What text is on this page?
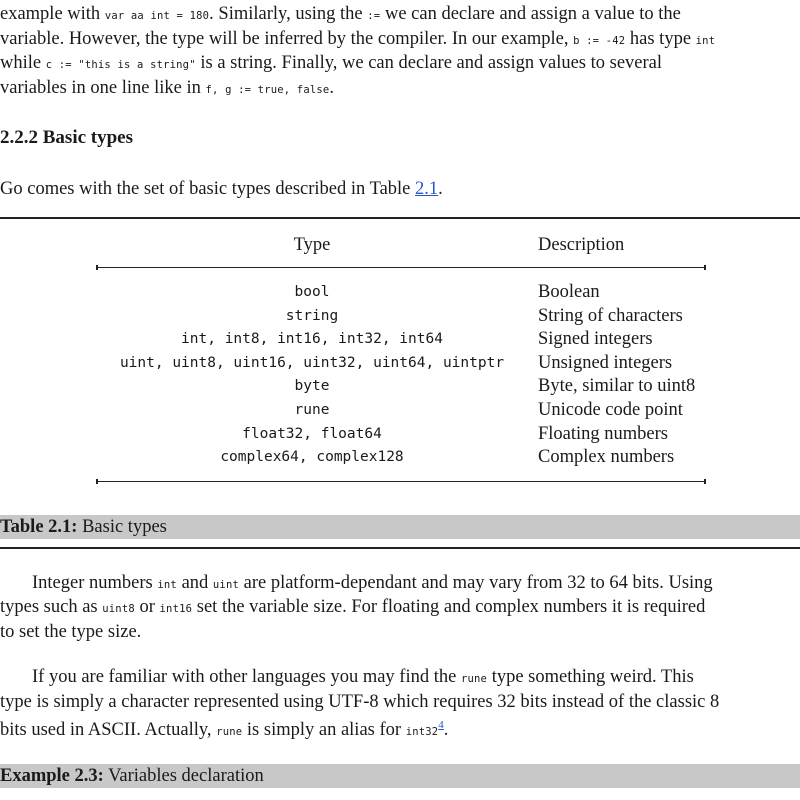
example with var aa int = 180. Similarly, using the := we can declare and assign a value to the
variable. However, the type will be inferred by the compiler. In our example, b := -42 has type int
while c := "this is a string" is a string. Finally, we can declare and assign values to several
variables in one line like in f, g := true, false.
2.2.2 Basic types
Go comes with the set of basic types described in Table 2.1.
Type	Description
bool	Boolean
string	String of characters
int, int8, int16, int32, int64	Signed integers
uint, uint8, uint16, uint32, uint64, uintptr	Unsigned integers
byte	Byte, similar to uint8
rune	Unicode code point
float32, float64	Floating numbers
complex64, complex128	Complex numbers
Table 2.1: Basic types
Integer numbers int and uint are platform-dependant and may vary from 32 to 64 bits. Using
types such as uint8 or int16 set the variable size. For floating and complex numbers it is required
to set the type size.
If you are familiar with other languages you may find the rune type something weird. This
type is simply a character represented using UTF-8 which requires 32 bits instead of the classic 8
bits used in ASCII. Actually, rune is simply an alias for int32$^4$.
Example 2.3: Variables declaration
